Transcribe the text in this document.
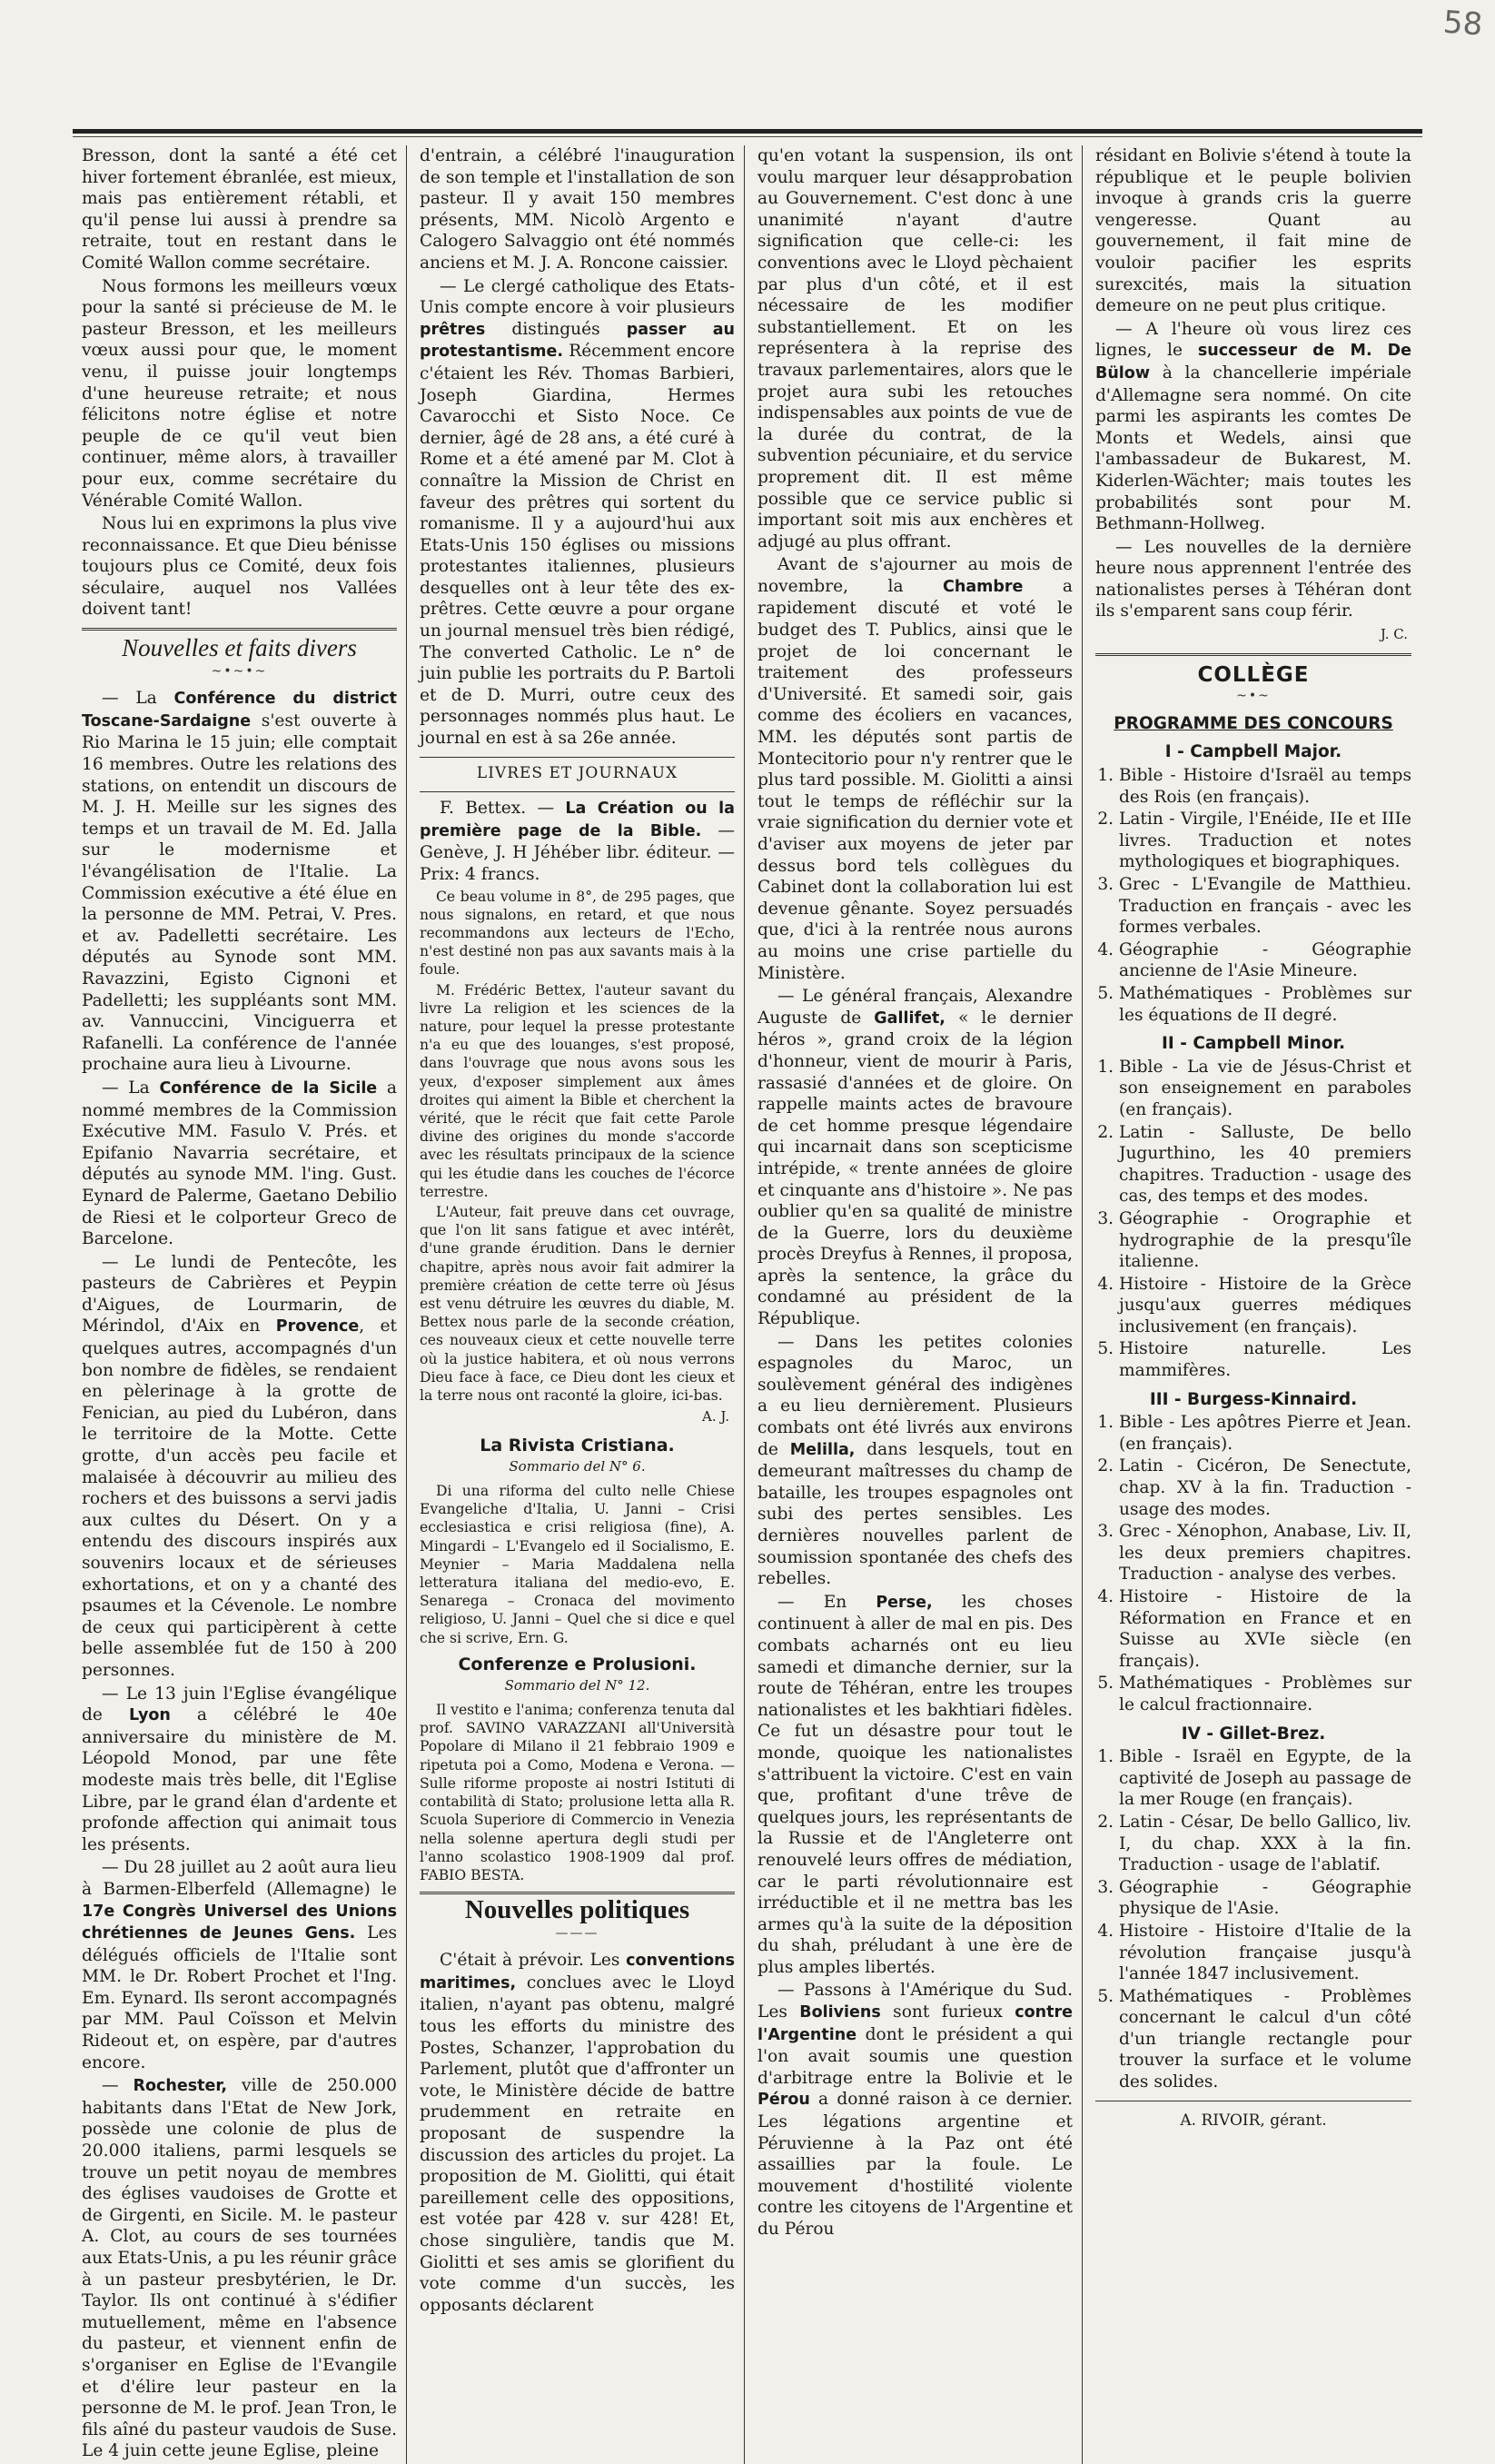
58

Bresson, dont la santé a été cet hiver fortement ébranlée, est mieux, mais pas entièrement rétabli, et qu'il pense lui aussi à prendre sa retraite, tout en restant dans le Comité Wallon comme secrétaire.

Nous formons les meilleurs vœux pour la santé si précieuse de M. le pasteur Bresson, et les meilleurs vœux aussi pour que, le moment venu, il puisse jouir longtemps d'une heureuse retraite; et nous félicitons notre église et notre peuple de ce qu'il veut bien continuer, même alors, à travailler pour eux, comme secrétaire du Vénérable Comité Wallon.

Nous lui en exprimons la plus vive reconnaissance. Et que Dieu bénisse toujours plus ce Comité, deux fois séculaire, auquel nos Vallées doivent tant!

Nouvelles et faits divers
~•~•~

— La Conférence du district Toscane-Sardaigne s'est ouverte à Rio Marina le 15 juin; elle comptait 16 membres. Outre les relations des stations, on entendit un discours de M. J. H. Meille sur les signes des temps et un travail de M. Ed. Jalla sur le modernisme et l'évangélisation de l'Italie. La Commission exécutive a été élue en la personne de MM. Petrai, V. Pres. et av. Padelletti secrétaire. Les députés au Synode sont MM. Ravazzini, Egisto Cignoni et Padelletti; les suppléants sont MM. av. Vannuccini, Vinciguerra et Rafanelli. La conférence de l'année prochaine aura lieu à Livourne.

— La Conférence de la Sicile a nommé membres de la Commission Exécutive MM. Fasulo V. Prés. et Epifanio Navarria secrétaire, et députés au synode MM. l'ing. Gust. Eynard de Palerme, Gaetano Debilio de Riesi et le colporteur Greco de Barcelone.

— Le lundi de Pentecôte, les pasteurs de Cabrières et Peypin d'Aigues, de Lourmarin, de Mérindol, d'Aix en Provence, et quelques autres, accompagnés d'un bon nombre de fidèles, se rendaient en pèlerinage à la grotte de Fenician, au pied du Lubéron, dans le territoire de la Motte. Cette grotte, d'un accès peu facile et malaisée à découvrir au milieu des rochers et des buissons a servi jadis aux cultes du Désert. On y a entendu des discours inspirés aux souvenirs locaux et de sérieuses exhortations, et on y a chanté des psaumes et la Cévenole. Le nombre de ceux qui participèrent à cette belle assemblée fut de 150 à 200 personnes.

— Le 13 juin l'Eglise évangélique de Lyon a célébré le 40e anniversaire du ministère de M. Léopold Monod, par une fête modeste mais très belle, dit l'Eglise Libre, par le grand élan d'ardente et profonde affection qui animait tous les présents.

— Du 28 juillet au 2 août aura lieu à Barmen-Elberfeld (Allemagne) le 17e Congrès Universel des Unions chrétiennes de Jeunes Gens. Les délégués officiels de l'Italie sont MM. le Dr. Robert Prochet et l'Ing. Em. Eynard. Ils seront accompagnés par MM. Paul Coïsson et Melvin Rideout et, on espère, par d'autres encore.

— Rochester, ville de 250.000 habitants dans l'Etat de New Jork, possède une colonie de plus de 20.000 italiens, parmi lesquels se trouve un petit noyau de membres des églises vaudoises de Grotte et de Girgenti, en Sicile. M. le pasteur A. Clot, au cours de ses tournées aux Etats-Unis, a pu les réunir grâce à un pasteur presbytérien, le Dr. Taylor. Ils ont continué à s'édifier mutuellement, même en l'absence du pasteur, et viennent enfin de s'organiser en Eglise de l'Evangile et d'élire leur pasteur en la personne de M. le prof. Jean Tron, le fils aîné du pasteur vaudois de Suse. Le 4 juin cette jeune Eglise, pleine

d'entrain, a célébré l'inauguration de son temple et l'installation de son pasteur. Il y avait 150 membres présents, MM. Nicolò Argento e Calogero Salvaggio ont été nommés anciens et M. J. A. Roncone caissier.

— Le clergé catholique des Etats-Unis compte encore à voir plusieurs prêtres distingués passer au protestantisme. Récemment encore c'étaient les Rév. Thomas Barbieri, Joseph Giardina, Hermes Cavarocchi et Sisto Noce. Ce dernier, âgé de 28 ans, a été curé à Rome et a été amené par M. Clot à connaître la Mission de Christ en faveur des prêtres qui sortent du romanisme. Il y a aujourd'hui aux Etats-Unis 150 églises ou missions protestantes italiennes, plusieurs desquelles ont à leur tête des ex-prêtres. Cette œuvre a pour organe un journal mensuel très bien rédigé, The converted Catholic. Le n° de juin publie les portraits du P. Bartoli et de D. Murri, outre ceux des personnages nommés plus haut. Le journal en est à sa 26e année.

LIVRES ET JOURNAUX

F. Bettex. — La Création ou la première page de la Bible. — Genève, J. H Jéhéber libr. éditeur. — Prix: 4 francs.

Ce beau volume in 8°, de 295 pages, que nous signalons, en retard, et que nous recommandons aux lecteurs de l'Echo, n'est destiné non pas aux savants mais à la foule.

M. Frédéric Bettex, l'auteur savant du livre La religion et les sciences de la nature, pour lequel la presse protestante n'a eu que des louanges, s'est proposé, dans l'ouvrage que nous avons sous les yeux, d'exposer simplement aux âmes droites qui aiment la Bible et cherchent la vérité, que le récit que fait cette Parole divine des origines du monde s'accorde avec les résultats principaux de la science qui les étudie dans les couches de l'écorce terrestre.

L'Auteur, fait preuve dans cet ouvrage, que l'on lit sans fatigue et avec intérêt, d'une grande érudition. Dans le dernier chapitre, après nous avoir fait admirer la première création de cette terre où Jésus est venu détruire les œuvres du diable, M. Bettex nous parle de la seconde création, ces nouveaux cieux et cette nouvelle terre où la justice habitera, et où nous verrons Dieu face à face, ce Dieu dont les cieux et la terre nous ont raconté la gloire, ici-bas.

A. J.
La Rivista Cristiana.
Sommario del N° 6.

Di una riforma del culto nelle Chiese Evangeliche d'Italia, U. Janni – Crisi ecclesiastica e crisi religiosa (fine), A. Mingardi – L'Evangelo ed il Socialismo, E. Meynier – Maria Maddalena nella letteratura italiana del medio-evo, E. Senarega – Cronaca del movimento religioso, U. Janni – Quel che si dice e quel che si scrive, Ern. G.

Conferenze e Prolusioni.
Sommario del N° 12.

Il vestito e l'anima; conferenza tenuta dal prof. SAVINO VARAZZANI all'Università Popolare di Milano il 21 febbraio 1909 e ripetuta poi a Como, Modena e Verona. — Sulle riforme proposte ai nostri Istituti di contabilità di Stato; prolusione letta alla R. Scuola Superiore di Commercio in Venezia nella solenne apertura degli studi per l'anno scolastico 1908-1909 dal prof. FABIO BESTA.

Nouvelles politiques
———

C'était à prévoir. Les conventions maritimes, conclues avec le Lloyd italien, n'ayant pas obtenu, malgré tous les efforts du ministre des Postes, Schanzer, l'approbation du Parlement, plutôt que d'affronter un vote, le Ministère décide de battre prudemment en retraite en proposant de suspendre la discussion des articles du projet. La proposition de M. Giolitti, qui était pareillement celle des oppositions, est votée par 428 v. sur 428! Et, chose singulière, tandis que M. Giolitti et ses amis se glorifient du vote comme d'un succès, les opposants déclarent

qu'en votant la suspension, ils ont voulu marquer leur désapprobation au Gouvernement. C'est donc à une unanimité n'ayant d'autre signification que celle-ci: les conventions avec le Lloyd pèchaient par plus d'un côté, et il est nécessaire de les modifier substantiellement. Et on les représentera à la reprise des travaux parlementaires, alors que le projet aura subi les retouches indispensables aux points de vue de la durée du contrat, de la subvention pécuniaire, et du service proprement dit. Il est même possible que ce service public si important soit mis aux enchères et adjugé au plus offrant.

Avant de s'ajourner au mois de novembre, la Chambre a rapidement discuté et voté le budget des T. Publics, ainsi que le projet de loi concernant le traitement des professeurs d'Université. Et samedi soir, gais comme des écoliers en vacances, MM. les députés sont partis de Montecitorio pour n'y rentrer que le plus tard possible. M. Giolitti a ainsi tout le temps de réfléchir sur la vraie signification du dernier vote et d'aviser aux moyens de jeter par dessus bord tels collègues du Cabinet dont la collaboration lui est devenue gênante. Soyez persuadés que, d'ici à la rentrée nous aurons au moins une crise partielle du Ministère.

— Le général français, Alexandre Auguste de Gallifet, « le dernier héros », grand croix de la légion d'honneur, vient de mourir à Paris, rassasié d'années et de gloire. On rappelle maints actes de bravoure de cet homme presque légendaire qui incarnait dans son scepticisme intrépide, « trente années de gloire et cinquante ans d'histoire ». Ne pas oublier qu'en sa qualité de ministre de la Guerre, lors du deuxième procès Dreyfus à Rennes, il proposa, après la sentence, la grâce du condamné au président de la République.

— Dans les petites colonies espagnoles du Maroc, un soulèvement général des indigènes a eu lieu dernièrement. Plusieurs combats ont été livrés aux environs de Melilla, dans lesquels, tout en demeurant maîtresses du champ de bataille, les troupes espagnoles ont subi des pertes sensibles. Les dernières nouvelles parlent de soumission spontanée des chefs des rebelles.

— En Perse, les choses continuent à aller de mal en pis. Des combats acharnés ont eu lieu samedi et dimanche dernier, sur la route de Téhéran, entre les troupes nationalistes et les bakhtiari fidèles. Ce fut un désastre pour tout le monde, quoique les nationalistes s'attribuent la victoire. C'est en vain que, profitant d'une trêve de quelques jours, les représentants de la Russie et de l'Angleterre ont renouvelé leurs offres de médiation, car le parti révolutionnaire est irréductible et il ne mettra bas les armes qu'à la suite de la déposition du shah, préludant à une ère de plus amples libertés.

— Passons à l'Amérique du Sud. Les Boliviens sont furieux contre l'Argentine dont le président a qui l'on avait soumis une question d'arbitrage entre la Bolivie et le Pérou a donné raison à ce dernier. Les légations argentine et Péruvienne à la Paz ont été assaillies par la foule. Le mouvement d'hostilité violente contre les citoyens de l'Argentine et du Pérou

résidant en Bolivie s'étend à toute la république et le peuple bolivien invoque à grands cris la guerre vengeresse. Quant au gouvernement, il fait mine de vouloir pacifier les esprits surexcités, mais la situation demeure on ne peut plus critique.

— A l'heure où vous lirez ces lignes, le successeur de M. De Bülow à la chancellerie impériale d'Allemagne sera nommé. On cite parmi les aspirants les comtes De Monts et Wedels, ainsi que l'ambassadeur de Bukarest, M. Kiderlen-Wächter; mais toutes les probabilités sont pour M. Bethmann-Hollweg.

— Les nouvelles de la dernière heure nous apprennent l'entrée des nationalistes perses à Téhéran dont ils s'emparent sans coup férir.

J. C.
COLLÈGE
~•~
PROGRAMME DES CONCOURS
I - Campbell Major.
1. Bible - Histoire d'Israël au temps des Rois (en français).
2. Latin - Virgile, l'Enéide, IIe et IIIe livres. Traduction et notes mythologiques et biographiques.
3. Grec - L'Evangile de Matthieu. Traduction en français - avec les formes verbales.
4. Géographie - Géographie ancienne de l'Asie Mineure.
5. Mathématiques - Problèmes sur les équations de II degré.
II - Campbell Minor.
1. Bible - La vie de Jésus-Christ et son enseignement en paraboles (en français).
2. Latin - Salluste, De bello Jugurthino, les 40 premiers chapitres. Traduction - usage des cas, des temps et des modes.
3. Géographie - Orographie et hydrographie de la presqu'île italienne.
4. Histoire - Histoire de la Grèce jusqu'aux guerres médiques inclusivement (en français).
5. Histoire naturelle. Les mammifères.
III - Burgess-Kinnaird.
1. Bible - Les apôtres Pierre et Jean. (en français).
2. Latin - Cicéron, De Senectute, chap. XV à la fin. Traduction - usage des modes.
3. Grec - Xénophon, Anabase, Liv. II, les deux premiers chapitres. Traduction - analyse des verbes.
4. Histoire - Histoire de la Réformation en France et en Suisse au XVIe siècle (en français).
5. Mathématiques - Problèmes sur le calcul fractionnaire.
IV - Gillet-Brez.
1. Bible - Israël en Egypte, de la captivité de Joseph au passage de la mer Rouge (en français).
2. Latin - César, De bello Gallico, liv. I, du chap. XXX à la fin. Traduction - usage de l'ablatif.
3. Géographie - Géographie physique de l'Asie.
4. Histoire - Histoire d'Italie de la révolution française jusqu'à l'année 1847 inclusivement.
5. Mathématiques - Problèmes concernant le calcul d'un côté d'un triangle rectangle pour trouver la surface et le volume des solides.
A. RIVOIR, gérant.
